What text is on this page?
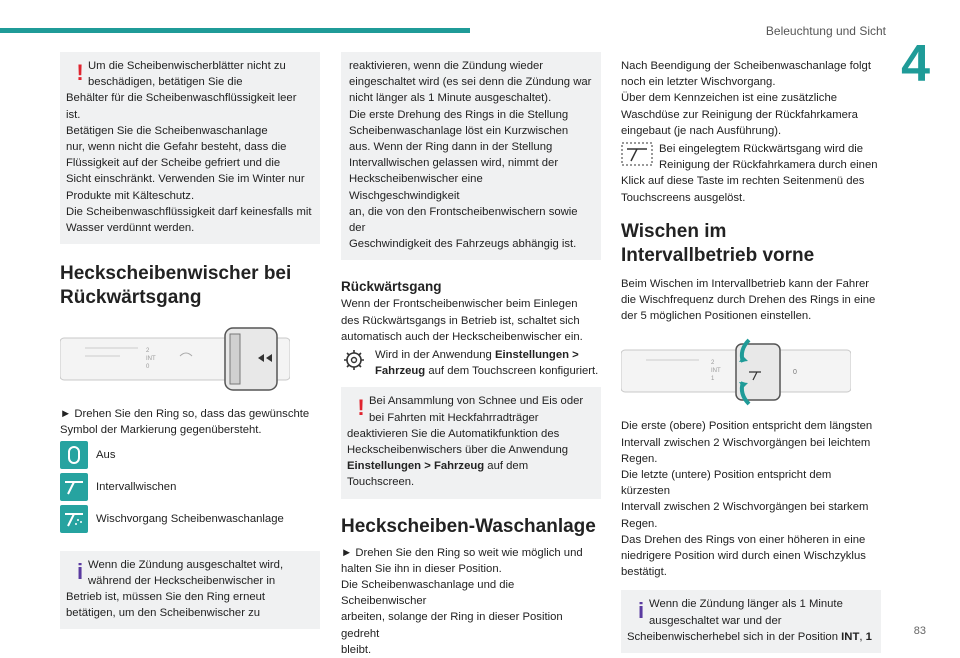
Beleuchtung und Sicht
4
! Um die Scheibenwischerblätter nicht zu

beschädigen, betätigen Sie die

Behälter für die Scheibenwaschflüssigkeit leer ist.

Betätigen Sie die Scheibenwaschanlage

nur, wenn nicht die Gefahr besteht, dass die

Flüssigkeit auf der Scheibe gefriert und die

Sicht einschränkt. Verwenden Sie im Winter nur

Produkte mit Kälteschutz.

Die Scheibenwaschflüssigkeit darf keinesfalls mit

Wasser verdünnt werden.

Heckscheibenwischer bei Rückwärtsgang
2
INT
0

► Drehen Sie den Ring so, dass das gewünschte Symbol der Markierung gegenübersteht.

Aus
Intervallwischen
Wischvorgang Scheibenwaschanlage
i Wenn die Zündung ausgeschaltet wird,

während der Heckscheibenwischer in

Betrieb ist, müssen Sie den Ring erneut

betätigen, um den Scheibenwischer zu

reaktivieren, wenn die Zündung wieder

eingeschaltet wird (es sei denn die Zündung war

nicht länger als 1 Minute ausgeschaltet).

Die erste Drehung des Rings in die Stellung

Scheibenwaschanlage löst ein Kurzwischen

aus. Wenn der Ring dann in der Stellung

Intervallwischen gelassen wird, nimmt der

Heckscheibenwischer eine Wischgeschwindigkeit

an, die von den Frontscheibenwischern sowie der

Geschwindigkeit des Fahrzeugs abhängig ist.

Rückwärtsgang

Wenn der Frontscheibenwischer beim Einlegen

des Rückwärtsgangs in Betrieb ist, schaltet sich

automatisch auch der Heckscheibenwischer ein.

Wird in der Anwendung Einstellungen > Fahrzeug auf dem Touchscreen konfiguriert.

! Bei Ansammlung von Schnee und Eis oder

bei Fahrten mit Heckfahrradträger

deaktivieren Sie die Automatikfunktion des

Heckscheibenwischers über die Anwendung

Einstellungen > Fahrzeug auf dem

Touchscreen.

Heckscheiben-Waschanlage

► Drehen Sie den Ring so weit wie möglich und

halten Sie ihn in dieser Position.

Die Scheibenwaschanlage und die Scheibenwischer

arbeiten, solange der Ring in dieser Position gedreht

bleibt.

Nach Beendigung der Scheibenwaschanlage folgt

noch ein letzter Wischvorgang.

Über dem Kennzeichen ist eine zusätzliche

Waschdüse zur Reinigung der Rückfahrkamera

eingebaut (je nach Ausführung).

Bei eingelegtem Rückwärtsgang wird die

Reinigung der Rückfahrkamera durch einen

Klick auf diese Taste im rechten Seitenmenü des

Touchscreens ausgelöst.

Wischen im Intervallbetrieb vorne

Beim Wischen im Intervallbetrieb kann der Fahrer

die Wischfrequenz durch Drehen des Rings in eine

der 5 möglichen Positionen einstellen.

2
INT
1
0

Die erste (obere) Position entspricht dem längsten

Intervall zwischen 2 Wischvorgängen bei leichtem

Regen.

Die letzte (untere) Position entspricht dem kürzesten

Intervall zwischen 2 Wischvorgängen bei starkem

Regen.

Das Drehen des Rings von einer höheren in eine

niedrigere Position wird durch einen Wischzyklus

bestätigt.

i Wenn die Zündung länger als 1 Minute

ausgeschaltet war und der

Scheibenwischerhebel sich in der Position INT, 1	83
